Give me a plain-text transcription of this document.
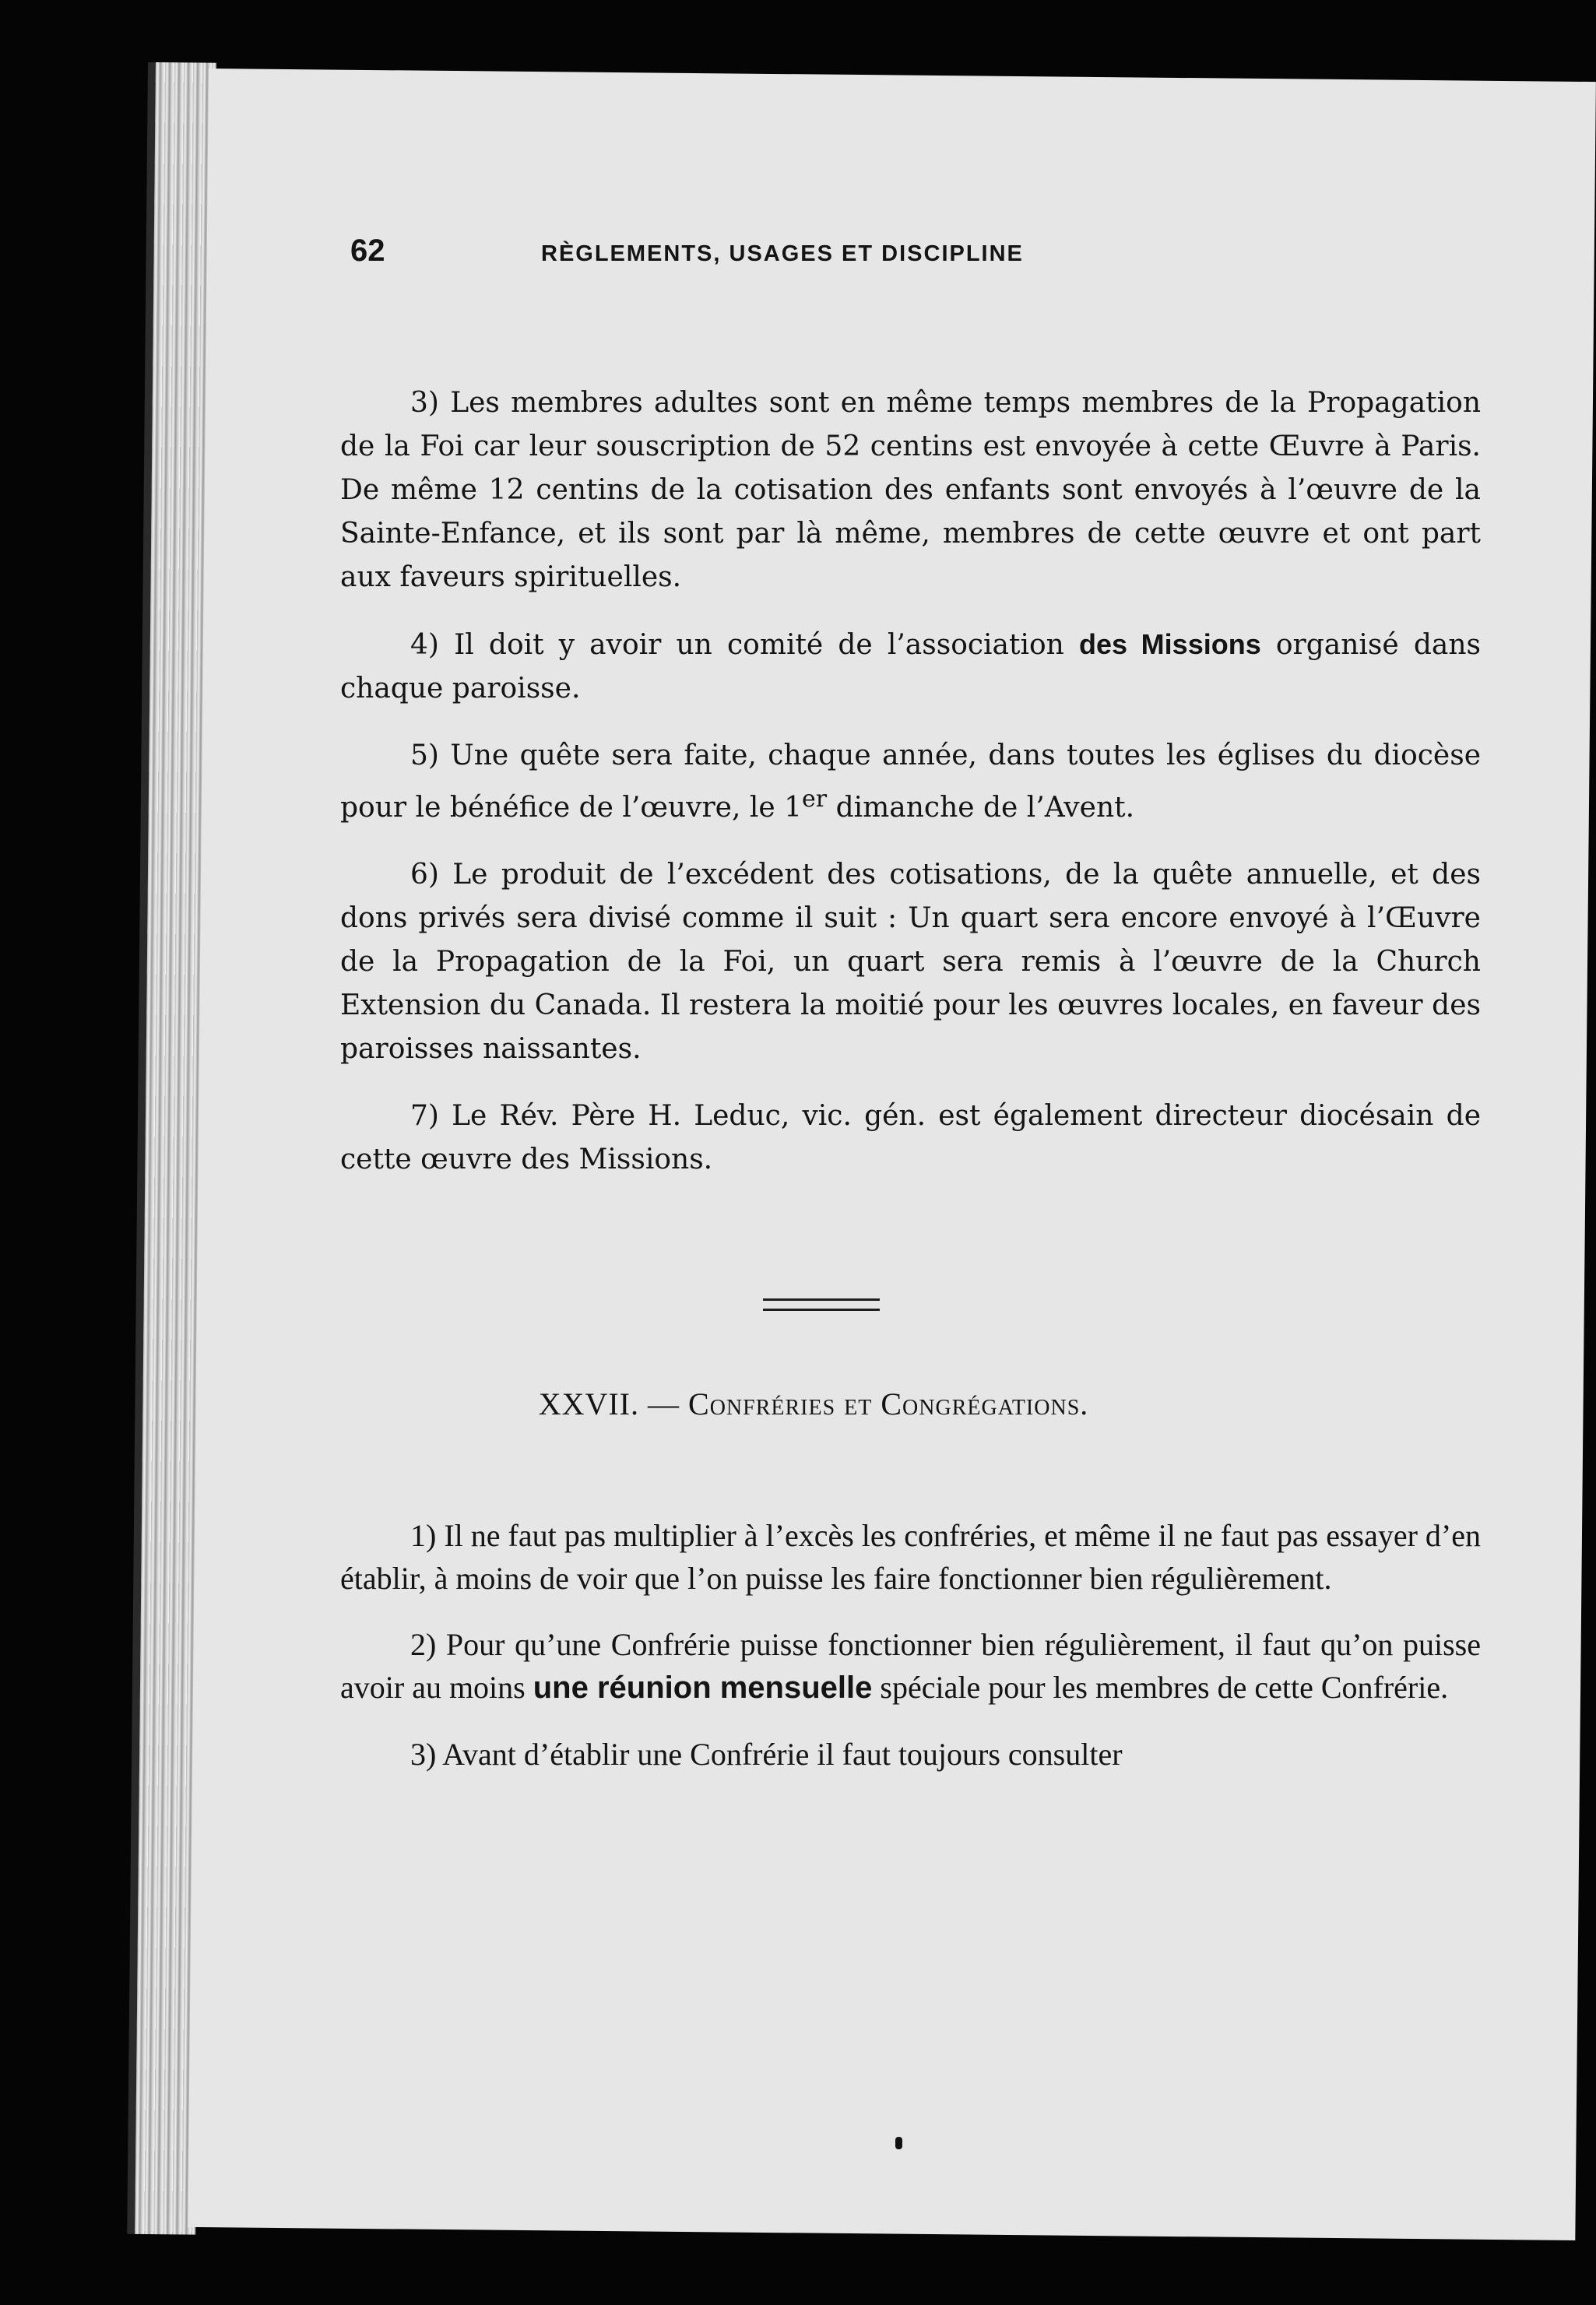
62	RÈGLEMENTS, USAGES ET DISCIPLINE

3) Les membres adultes sont en même temps membres de la Propagation de la Foi car leur souscription de 52 centins est envoyée à cette Œuvre à Paris. De même 12 centins de la cotisation des enfants sont envoyés à l’œuvre de la Sainte-Enfance, et ils sont par là même, membres de cette œuvre et ont part aux faveurs spirituelles.

4) Il doit y avoir un comité de l’association des Missions organisé dans chaque paroisse.

5) Une quête sera faite, chaque année, dans toutes les églises du diocèse pour le bénéfice de l’œuvre, le 1er dimanche de l’Avent.

6) Le produit de l’excédent des cotisations, de la quête annuelle, et des dons privés sera divisé comme il suit : Un quart sera encore envoyé à l’Œuvre de la Propagation de la Foi, un quart sera remis à l’œuvre de la Church Extension du Canada. Il restera la moitié pour les œuvres locales, en faveur des paroisses naissantes.

7) Le Rév. Père H. Leduc, vic. gén. est également directeur diocésain de cette œuvre des Missions.

XXVII. — Confréries et Congrégations.

1) Il ne faut pas multiplier à l’excès les confréries, et même il ne faut pas essayer d’en établir, à moins de voir que l’on puisse les faire fonctionner bien régulièrement.

2) Pour qu’une Confrérie puisse fonctionner bien régulièrement, il faut qu’on puisse avoir au moins une réunion mensuelle spéciale pour les membres de cette Confrérie.

3) Avant d’établir une Confrérie il faut toujours consulter
